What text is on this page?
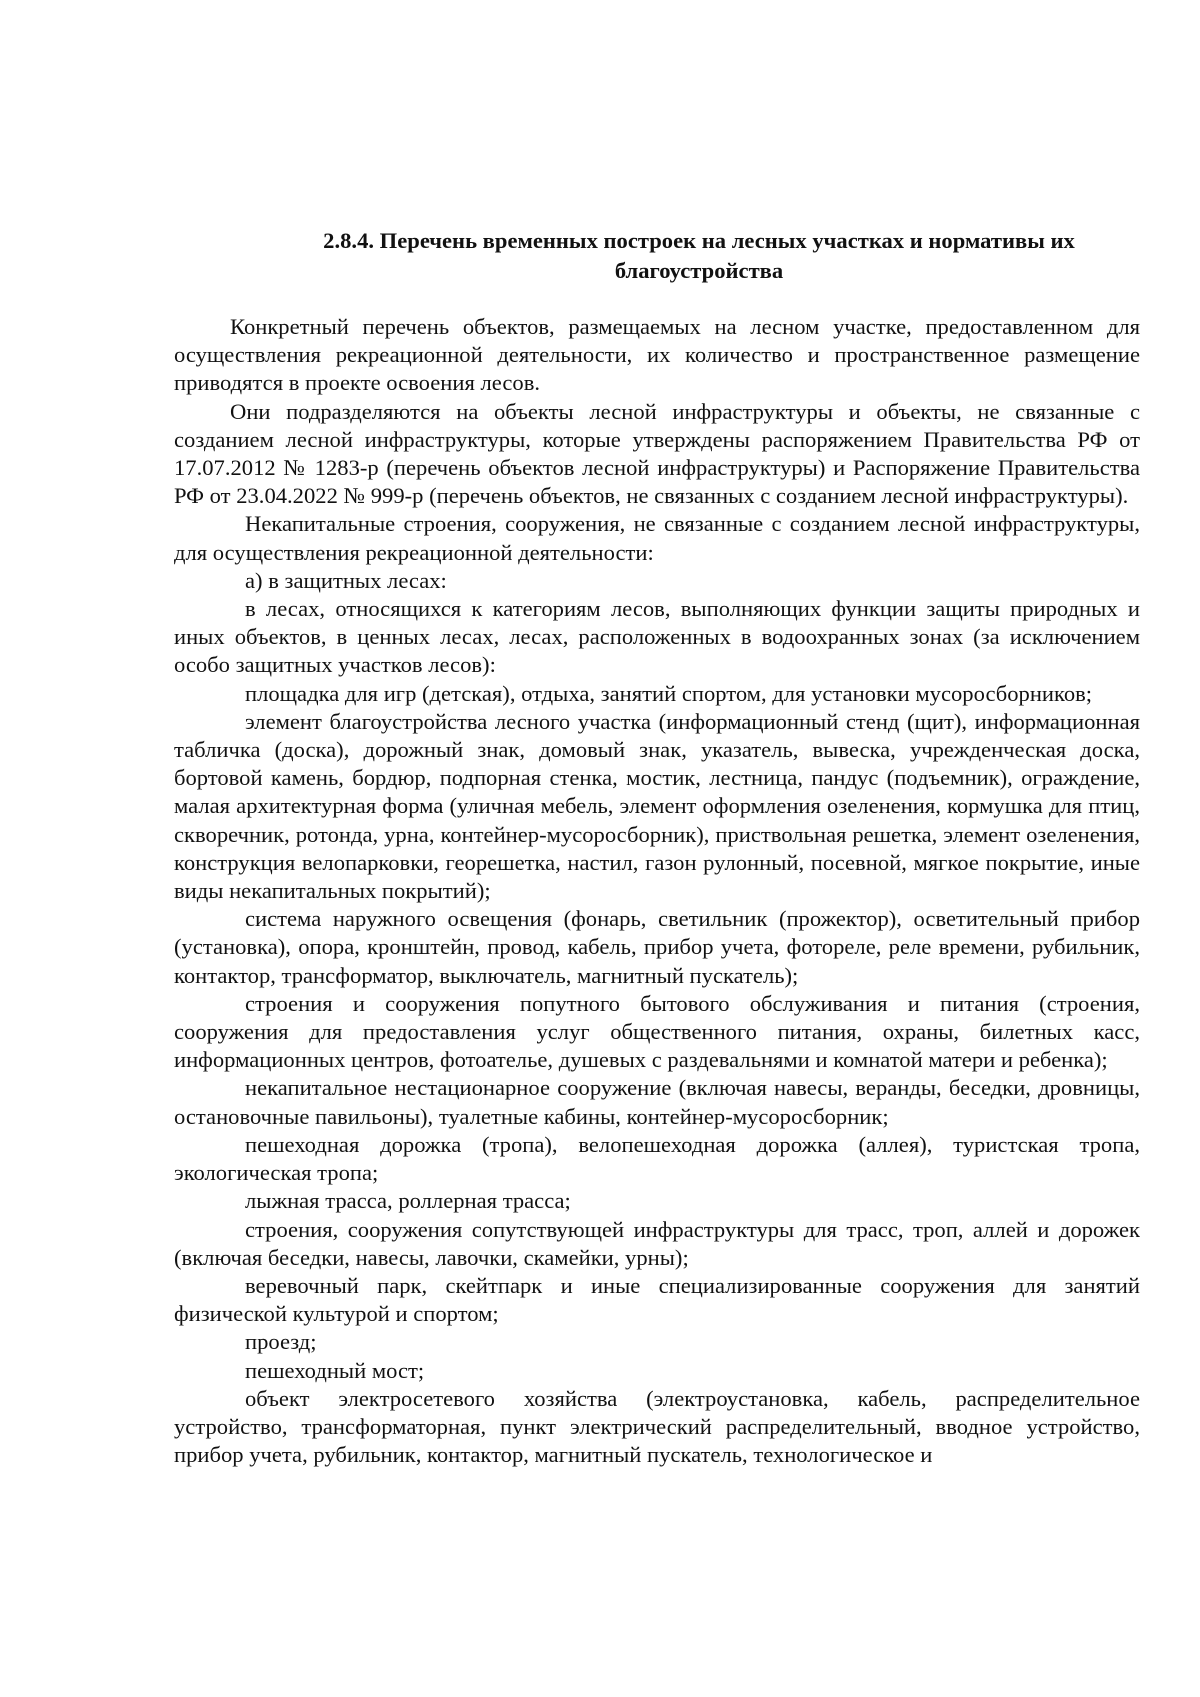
2.8.4. Перечень временных построек на лесных участках и нормативы их
благоустройства

Конкретный перечень объектов, размещаемых на лесном участке, предоставленном для осуществления рекреационной деятельности, их количество и пространственное размещение приводятся в проекте освоения лесов.

Они подразделяются на объекты лесной инфраструктуры и объекты, не связанные с созданием лесной инфраструктуры, которые утверждены распоряжением Правительства РФ от 17.07.2012 № 1283-р (перечень объектов лесной инфраструктуры) и Распоряжение Правительства РФ от 23.04.2022 № 999-р (перечень объектов, не связанных с созданием лесной инфраструктуры).

Некапитальные строения, сооружения, не связанные с созданием лесной инфраструктуры, для осуществления рекреационной деятельности:

а) в защитных лесах:

в лесах, относящихся к категориям лесов, выполняющих функции защиты природных и иных объектов, в ценных лесах, лесах, расположенных в водоохранных зонах (за исключением особо защитных участков лесов):

площадка для игр (детская), отдыха, занятий спортом, для установки мусоросборников;

элемент благоустройства лесного участка (информационный стенд (щит), информационная табличка (доска), дорожный знак, домовый знак, указатель, вывеска, учрежденческая доска, бортовой камень, бордюр, подпорная стенка, мостик, лестница, пандус (подъемник), ограждение, малая архитектурная форма (уличная мебель, элемент оформления озеленения, кормушка для птиц, скворечник, ротонда, урна, контейнер-мусоросборник), приствольная решетка, элемент озеленения, конструкция велопарковки, георешетка, настил, газон рулонный, посевной, мягкое покрытие, иные виды некапитальных покрытий);

система наружного освещения (фонарь, светильник (прожектор), осветительный прибор (установка), опора, кронштейн, провод, кабель, прибор учета, фотореле, реле времени, рубильник, контактор, трансформатор, выключатель, магнитный пускатель);

строения и сооружения попутного бытового обслуживания и питания (строения, сооружения для предоставления услуг общественного питания, охраны, билетных касс, информационных центров, фотоателье, душевых с раздевальнями и комнатой матери и ребенка);

некапитальное нестационарное сооружение (включая навесы, веранды, беседки, дровницы, остановочные павильоны), туалетные кабины, контейнер-мусоросборник;

пешеходная дорожка (тропа), велопешеходная дорожка (аллея), туристская тропа, экологическая тропа;

лыжная трасса, роллерная трасса;

строения, сооружения сопутствующей инфраструктуры для трасс, троп, аллей и дорожек (включая беседки, навесы, лавочки, скамейки, урны);

веревочный парк, скейтпарк и иные специализированные сооружения для занятий физической культурой и спортом;

проезд;

пешеходный мост;

объект электросетевого хозяйства (электроустановка, кабель, распределительное устройство, трансформаторная, пункт электрический распределительный, вводное устройство, прибор учета, рубильник, контактор, магнитный пускатель, технологическое и
